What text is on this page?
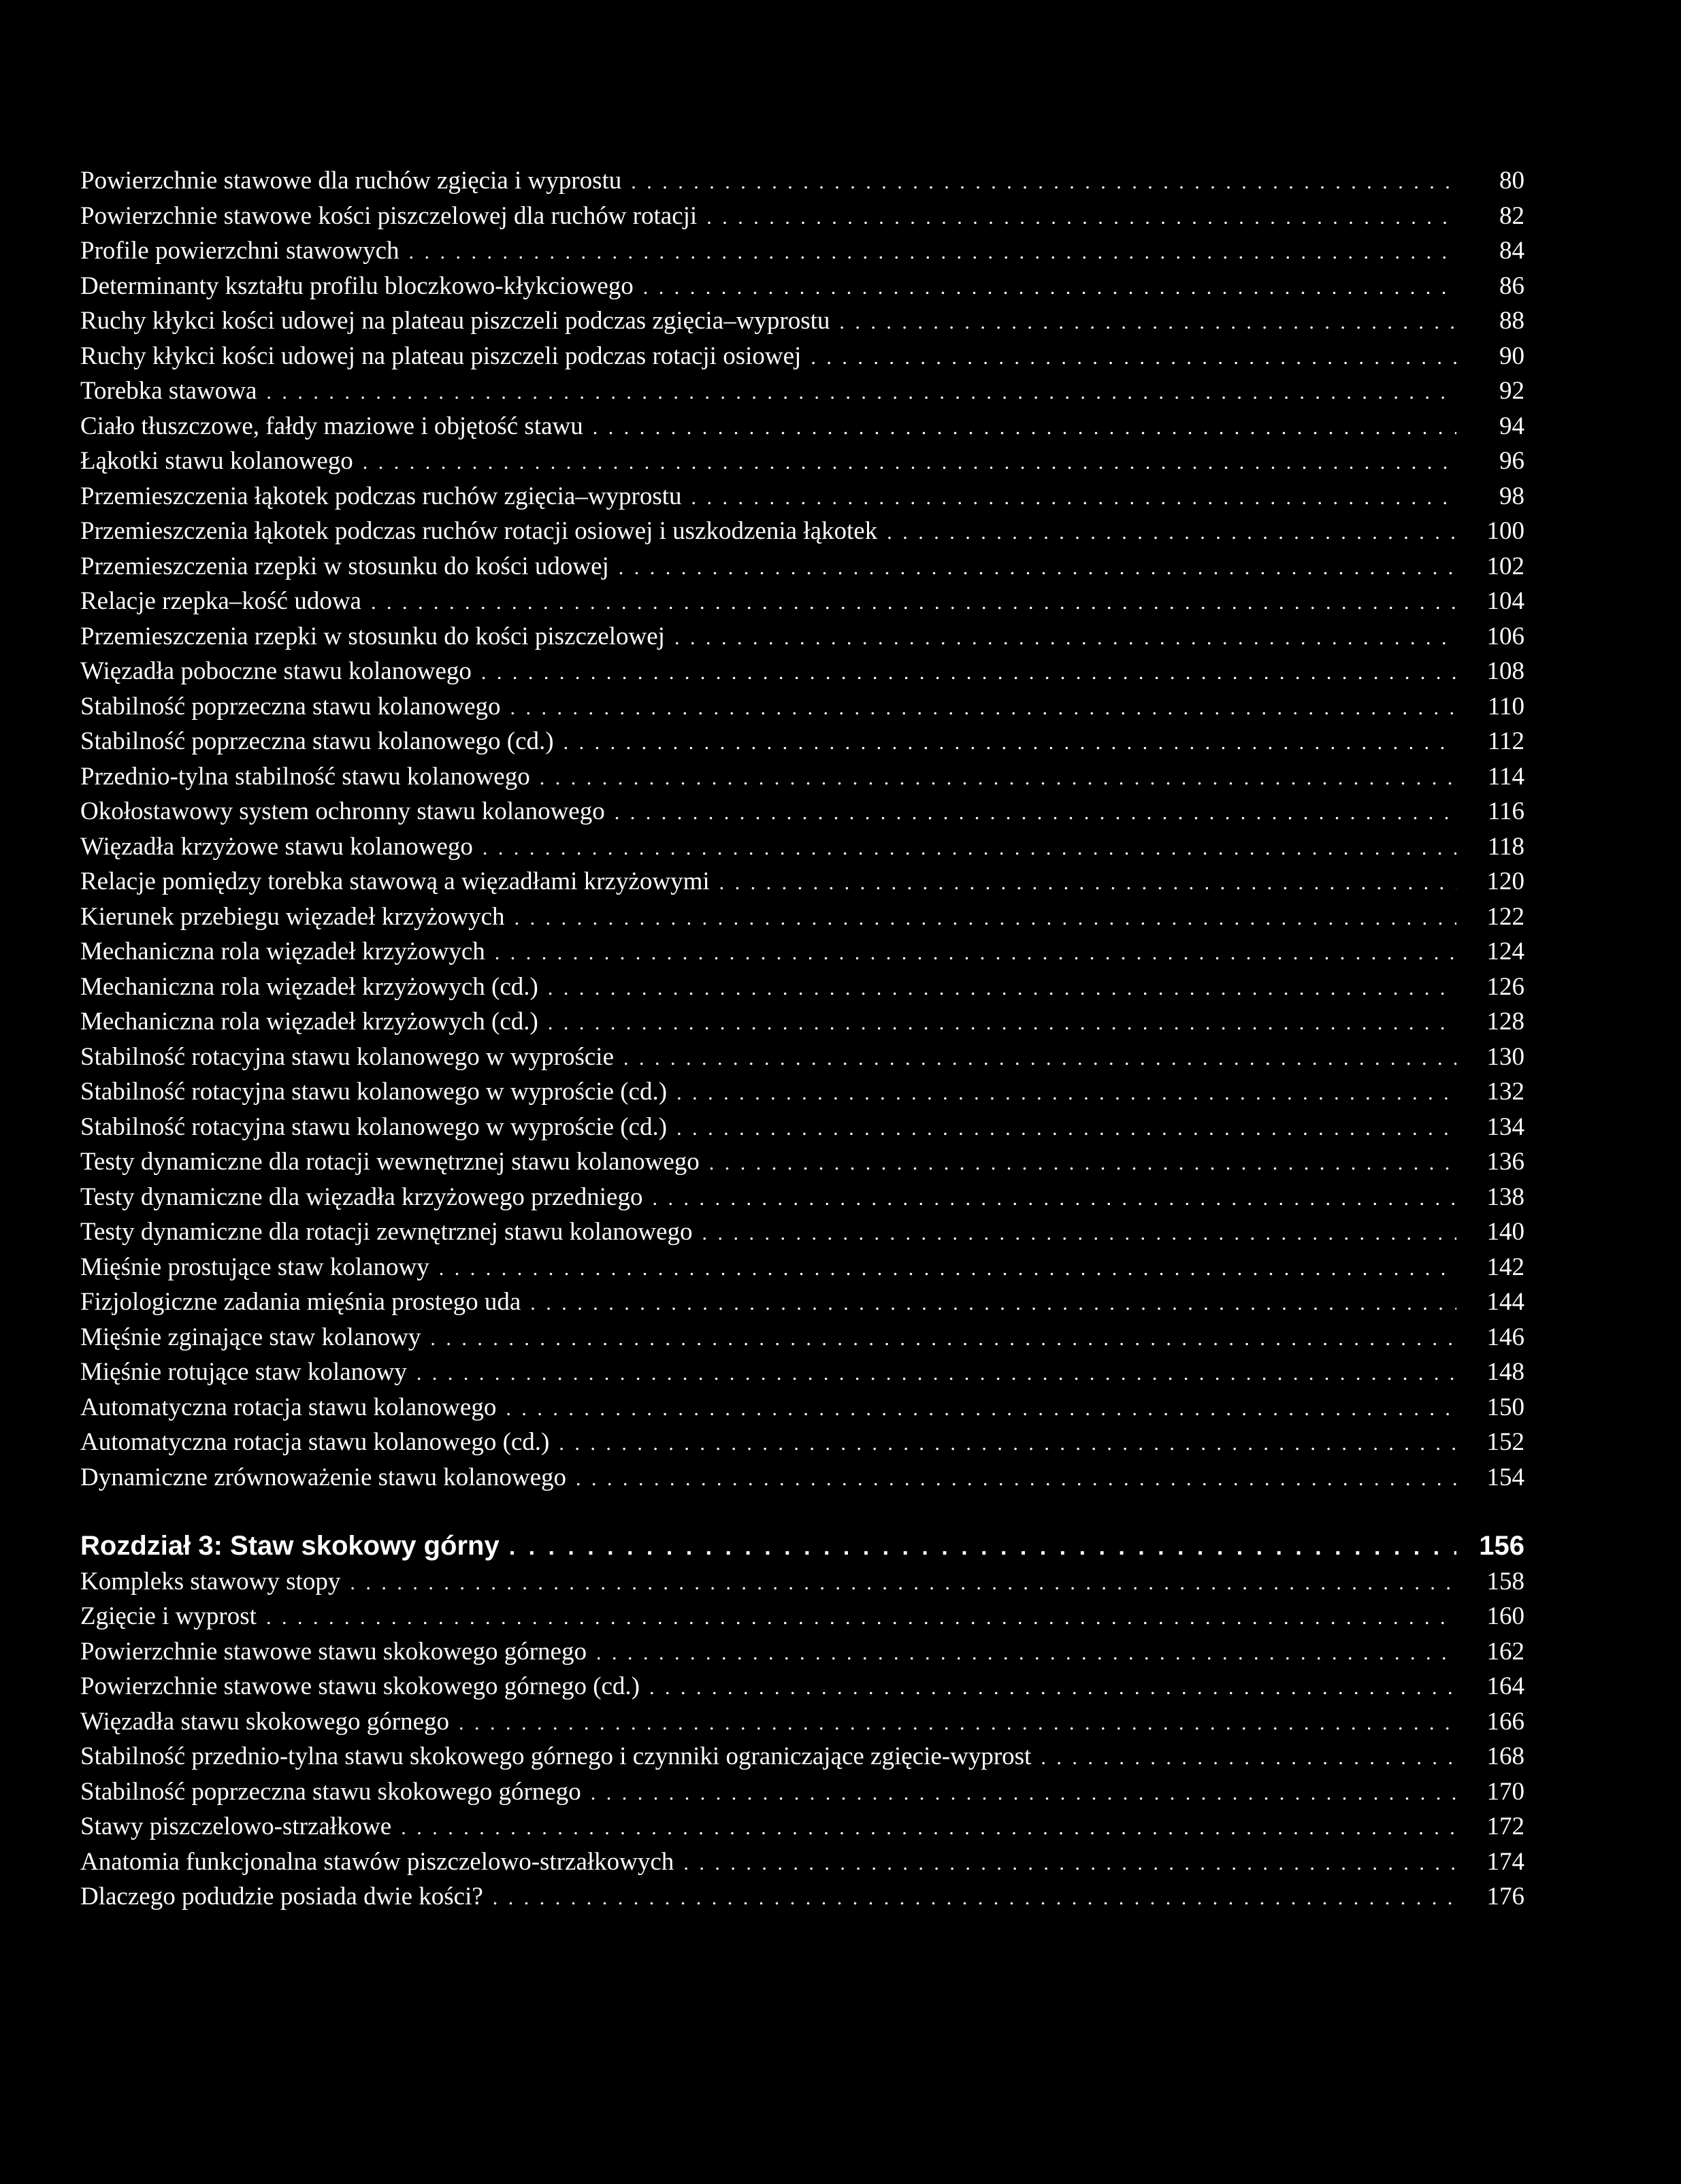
Powierzchnie stawowe dla ruchów zgięcia i wyprostu . . .	80
Powierzchnie stawowe kości piszczelowej dla ruchów rotacji . . .	82
Profile powierzchni stawowych . . .	84
Determinanty kształtu profilu bloczkowo-kłykciowego . . .	86
Ruchy kłykci kości udowej na plateau piszczeli podczas zgięcia–wyprostu . . .	88
Ruchy kłykci kości udowej na plateau piszczeli podczas rotacji osiowej . . .	90
Torebka stawowa . . .	92
Ciało tłuszczowe, fałdy maziowe i objętość stawu . . .	94
Łąkotki stawu kolanowego . . .	96
Przemieszczenia łąkotek podczas ruchów zgięcia–wyprostu . . .	98
Przemieszczenia łąkotek podczas ruchów rotacji osiowej i uszkodzenia łąkotek . . .	100
Przemieszczenia rzepki w stosunku do kości udowej . . .	102
Relacje rzepka–kość udowa . . .	104
Przemieszczenia rzepki w stosunku do kości piszczelowej . . .	106
Więzadła poboczne stawu kolanowego . . .	108
Stabilność poprzeczna stawu kolanowego . . .	110
Stabilność poprzeczna stawu kolanowego (cd.) . . .	112
Przednio-tylna stabilność stawu kolanowego . . .	114
Okołostawowy system ochronny stawu kolanowego . . .	116
Więzadła krzyżowe stawu kolanowego . . .	118
Relacje pomiędzy torebka stawową a więzadłami krzyżowymi . . .	120
Kierunek przebiegu więzadeł krzyżowych . . .	122
Mechaniczna rola więzadeł krzyżowych . . .	124
Mechaniczna rola więzadeł krzyżowych (cd.) . . .	126
Mechaniczna rola więzadeł krzyżowych (cd.) . . .	128
Stabilność rotacyjna stawu kolanowego w wyproście . . .	130
Stabilność rotacyjna stawu kolanowego w wyproście (cd.) . . .	132
Stabilność rotacyjna stawu kolanowego w wyproście (cd.) . . .	134
Testy dynamiczne dla rotacji wewnętrznej stawu kolanowego . . .	136
Testy dynamiczne dla więzadła krzyżowego przedniego . . .	138
Testy dynamiczne dla rotacji zewnętrznej stawu kolanowego . . .	140
Mięśnie prostujące staw kolanowy . . .	142
Fizjologiczne zadania mięśnia prostego uda . . .	144
Mięśnie zginające staw kolanowy . . .	146
Mięśnie rotujące staw kolanowy . . .	148
Automatyczna rotacja stawu kolanowego . . .	150
Automatyczna rotacja stawu kolanowego (cd.) . . .	152
Dynamiczne zrównoważenie stawu kolanowego . . .	154
Rozdział 3: Staw skokowy górny . . .	156
Kompleks stawowy stopy . . .	158
Zgięcie i wyprost . . .	160
Powierzchnie stawowe stawu skokowego górnego . . .	162
Powierzchnie stawowe stawu skokowego górnego (cd.) . . .	164
Więzadła stawu skokowego górnego . . .	166
Stabilność przednio-tylna stawu skokowego górnego i czynniki ograniczające zgięcie-wyprost . . .	168
Stabilność poprzeczna stawu skokowego górnego . . .	170
Stawy piszczelowo-strzałkowe . . .	172
Anatomia funkcjonalna stawów piszczelowo-strzałkowych . . .	174
Dlaczego podudzie posiada dwie kości? . . .	176
